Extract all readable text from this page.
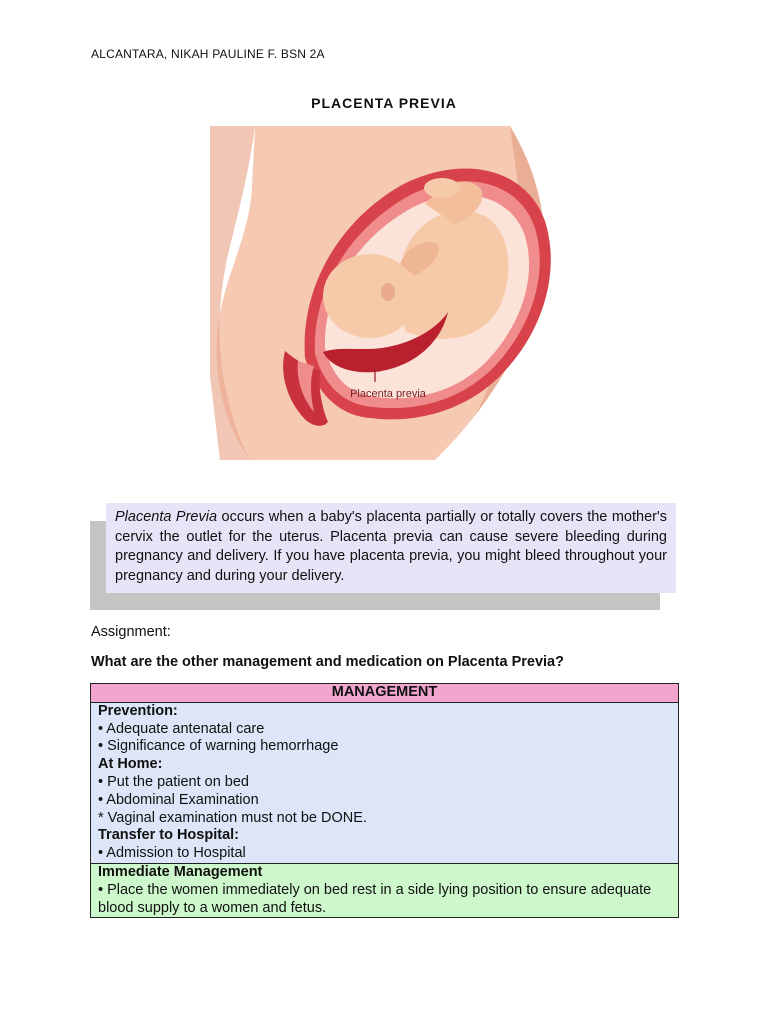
ALCANTARA, NIKAH PAULINE F. BSN 2A
PLACENTA PREVIA
Placenta previa
Placenta Previa occurs when a baby's placenta partially or totally covers the mother's cervix the outlet for the uterus. Placenta previa can cause severe bleeding during pregnancy and delivery. If you have placenta previa, you might bleed throughout your pregnancy and during your delivery.
Assignment:
What are the other management and medication on Placenta Previa?
MANAGEMENT

Prevention:
• Adequate antenatal care
• Significance of warning hemorrhage
At Home:
• Put the patient on bed
• Abdominal Examination
* Vaginal examination must not be DONE.
Transfer to Hospital:
• Admission to Hospital

Immediate Management
• Place the women immediately on bed rest in a side lying position to ensure adequate blood supply to a women and fetus.
